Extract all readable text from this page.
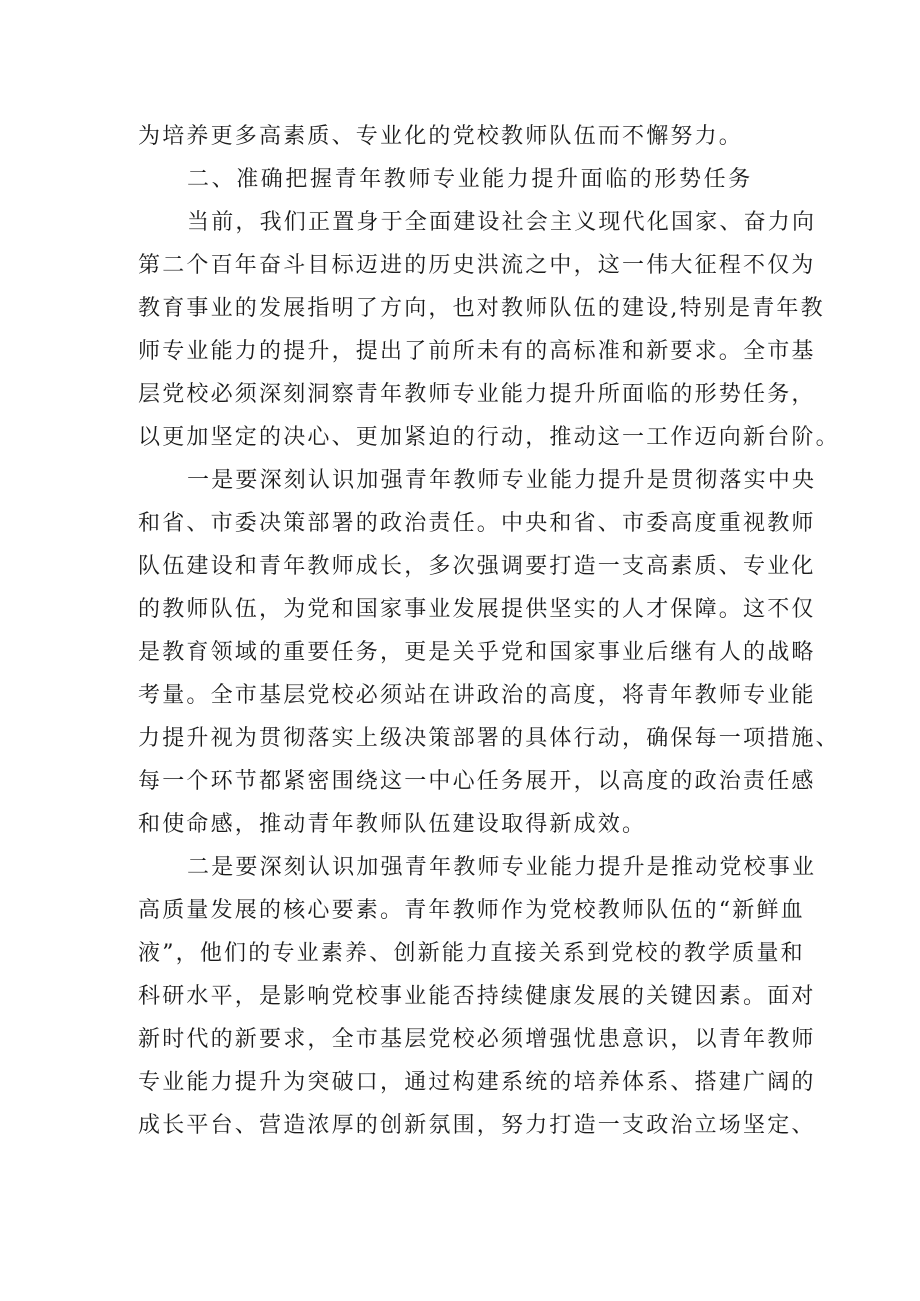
为培养更多高素质、专业化的党校教师队伍而不懈努力。
二、准确把握青年教师专业能力提升面临的形势任务
当前，我们正置身于全面建设社会主义现代化国家、奋力向
第二个百年奋斗目标迈进的历史洪流之中，这一伟大征程不仅为
教育事业的发展指明了方向，也对教师队伍的建设,特别是青年教
师专业能力的提升，提出了前所未有的高标准和新要求。全市基
层党校必须深刻洞察青年教师专业能力提升所面临的形势任务，
以更加坚定的决心、更加紧迫的行动，推动这一工作迈向新台阶。
一是要深刻认识加强青年教师专业能力提升是贯彻落实中央
和省、市委决策部署的政治责任。中央和省、市委高度重视教师
队伍建设和青年教师成长，多次强调要打造一支高素质、专业化
的教师队伍，为党和国家事业发展提供坚实的人才保障。这不仅
是教育领域的重要任务，更是关乎党和国家事业后继有人的战略
考量。全市基层党校必须站在讲政治的高度，将青年教师专业能
力提升视为贯彻落实上级决策部署的具体行动，确保每一项措施、
每一个环节都紧密围绕这一中心任务展开，以高度的政治责任感
和使命感，推动青年教师队伍建设取得新成效。
二是要深刻认识加强青年教师专业能力提升是推动党校事业
高质量发展的核心要素。青年教师作为党校教师队伍的“新鲜血
液”，他们的专业素养、创新能力直接关系到党校的教学质量和
科研水平，是影响党校事业能否持续健康发展的关键因素。面对
新时代的新要求，全市基层党校必须增强忧患意识，以青年教师
专业能力提升为突破口，通过构建系统的培养体系、搭建广阔的
成长平台、营造浓厚的创新氛围，努力打造一支政治立场坚定、
